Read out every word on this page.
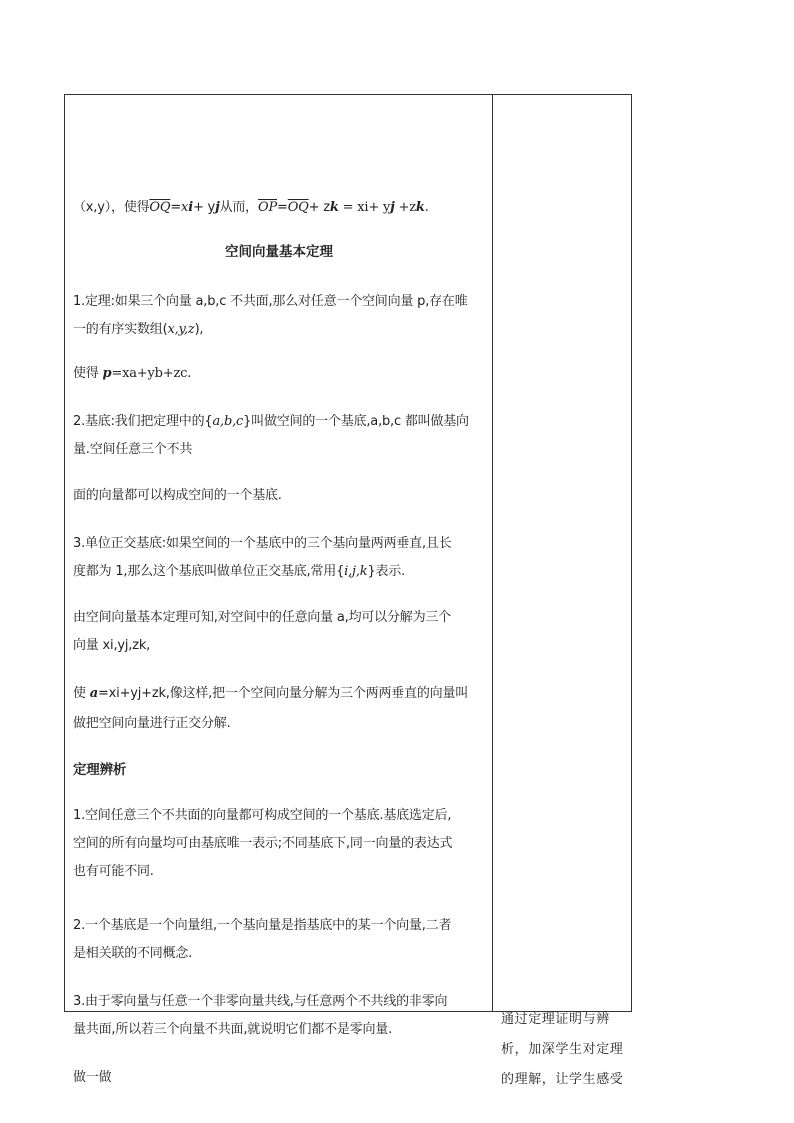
（x,y），使得$\overline{OQ}=xi+$ yj从而，$\overline{OP}=\overline{OQ}+$ zk = xi+ yj +zk.
空间向量基本定理
1.定理:如果三个向量 a,b,c 不共面,那么对任意一个空间向量 p,存在唯
一的有序实数组(x,y,z),
使得 p=xa+yb+zc.
2.基底:我们把定理中的{a,b,c}叫做空间的一个基底,a,b,c 都叫做基向
量.空间任意三个不共
面的向量都可以构成空间的一个基底.
3.单位正交基底:如果空间的一个基底中的三个基向量两两垂直,且长
度都为 1,那么这个基底叫做单位正交基底,常用{i,j,k}表示.
由空间向量基本定理可知,对空间中的任意向量 a,均可以分解为三个
向量 xi,yj,zk,
使 a=xi+yj+zk,像这样,把一个空间向量分解为三个两两垂直的向量叫
做把空间向量进行正交分解.
定理辨析
1.空间任意三个不共面的向量都可构成空间的一个基底.基底选定后,
空间的所有向量均可由基底唯一表示;不同基底下,同一向量的表达式
也有可能不同.
2.一个基底是一个向量组,一个基向量是指基底中的某一个向量,二者
是相关联的不同概念.
3.由于零向量与任意一个非零向量共线,与任意两个不共线的非零向
量共面,所以若三个向量不共面,就说明它们都不是零向量.
做一做
通过定理证明与辨
析，加深学生对定理
的理解，让学生感受
